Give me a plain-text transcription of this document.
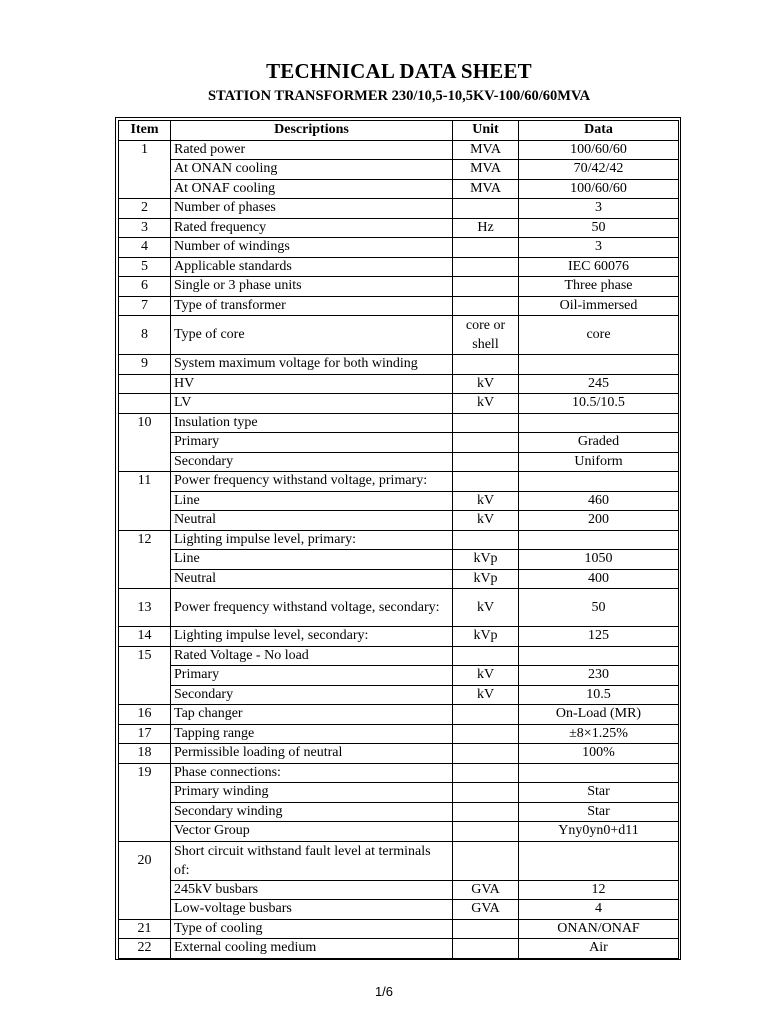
TECHNICAL DATA SHEET
STATION TRANSFORMER 230/10,5-10,5KV-100/60/60MVA
Item	Descriptions	Unit	Data
1	Rated power	MVA	100/60/60
	At ONAN cooling	MVA	70/42/42
	At ONAF cooling	MVA	100/60/60
2	Number of phases		3
3	Rated frequency	Hz	50
4	Number of windings		3
5	Applicable standards		IEC 60076
6	Single or 3 phase units		Three phase
7	Type of transformer		Oil-immersed
8	Type of core	core or shell	core
9	System maximum voltage for both winding		
	HV	kV	245
	LV	kV	10.5/10.5
10	Insulation type		
	Primary		Graded
	Secondary		Uniform
11	Power frequency withstand voltage, primary:		
	Line	kV	460
	Neutral	kV	200
12	Lighting impulse level, primary:		
	Line	kVp	1050
	Neutral	kVp	400
13	Power frequency withstand voltage, secondary:	kV	50
14	Lighting impulse level, secondary:	kVp	125
15	Rated Voltage - No load		
	Primary	kV	230
	Secondary	kV	10.5
16	Tap changer		On-Load (MR)
17	Tapping range		±8×1.25%
18	Permissible loading of neutral		100%
19	Phase connections:		
	Primary winding		Star
	Secondary winding		Star
	Vector Group		Yny0yn0+d11
20	Short circuit withstand fault level at terminals of:		
	245kV busbars	GVA	12
	Low-voltage busbars	GVA	4
21	Type of cooling		ONAN/ONAF
22	External cooling medium		Air
1/6
